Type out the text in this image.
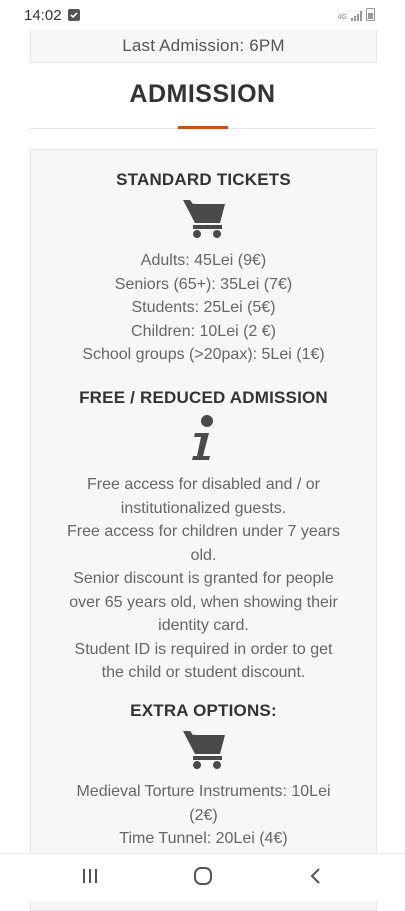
14:02	4G
Last Admission: 6PM
ADMISSION
STANDARD TICKETS
Adults: 45Lei (9€)
Seniors (65+): 35Lei (7€)
Students: 25Lei (5€)
Children: 10Lei (2 €)
School groups (>20pax): 5Lei (1€)
FREE / REDUCED ADMISSION
Free access for disabled and / or
institutionalized guests.
Free access for children under 7 years
old.
Senior discount is granted for people
over 65 years old, when showing their
identity card.
Student ID is required in order to get
the child or student discount.
EXTRA OPTIONS:
Medieval Torture Instruments: 10Lei
(2€)
Time Tunnel: 20Lei (4€)
